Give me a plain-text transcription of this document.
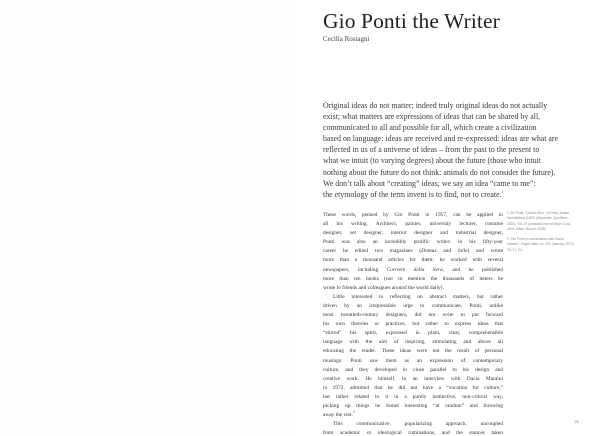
Gio Ponti the Writer
Cecilia Rostagni
Original ideas do not matter; indeed truly original ideas do not actually
exist; what matters are expressions of ideas that can be shared by all,
communicated to all and possible for all, which create a civilization
based on language: ideas are received and re-expressed: ideas are what are
reflected in us of a universe of ideas – from the past to the present to
what we intuit (to varying degrees) about the future (those who intuit
nothing about the future do not think: animals do not consider the future).
We don’t talk about “creating” ideas; we say an idea “came to me”:
the etymology of the term invent is to find, not to create.$^1$
These words, penned by Gio Ponti in 1957, can be applied to
all his writing. Architect, painter, university lecturer, costume
designer, set designer, interior designer and industrial designer,
Ponti was also an incredibly prolific writer: in his fifty-year
career he edited two magazines (Domus and Stile) and wrote
more than a thousand articles for them; he worked with several
newspapers, including Corriere della Sera, and he published
more than ten books (not to mention the thousands of letters he
wrote to friends and colleagues around the world daily).
Little interested in reflecting on abstract matters, but rather
driven by an irrepressible urge to communicate, Ponti, unlike
most twentieth-century designers, did not write to put forward
his own theories or practices, but rather to express ideas that
“stirred” his spirit, expressed in plain, clear, comprehensible
language with the aim of inspiring, stimulating and above all
educating the reader. These ideas were not the result of personal
musings: Ponti saw them as an expression of contemporary
culture, and they developed in close parallel to his design and
creative work. He himself, in an interview with Dacia Maraini
in 1972, admitted that he did not have a “vocation for culture,”
but rather related to it in a purely instinctive, non-critical way,
picking up things he found interesting “at random” and throwing
away the rest.$^2$
This communicative, popularizing approach, uncoupled
from academic or ideological ruminations, and the stances taken
1 Gio Ponti, “Questo libro,” in Ponti, Amate
l’architettura (1957) (Macerata: Quodlibet,
2022), VIII–IX (anastatic reprint Milan: Cusl,
2004, Milan: Rizzoli, 2008).
2 “Gio Ponti in conversation with Dacia
Maraini,” Vogue Italia, no. 250 (January 1972):
78–71, 94.
21
